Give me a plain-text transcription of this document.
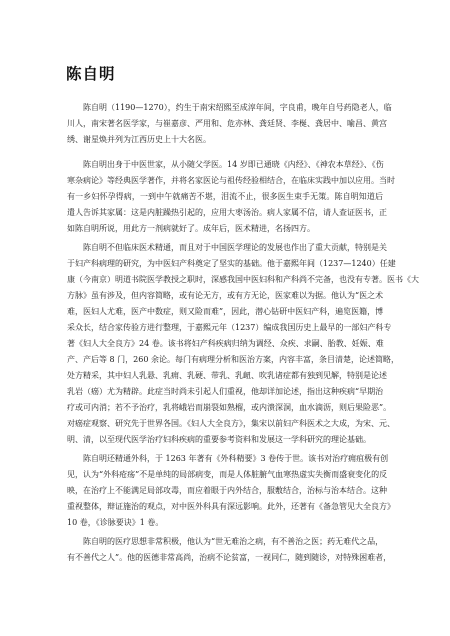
陈自明
　　陈自明（1190—1270），约生于南宋绍熙至成淳年间，字良甫，晚年自号药隐老人，临
川人，南宋著名医学家，与崔嘉彦、严用和、危亦林、龚廷贤、李梴、龚居中、喻昌、黄宫
绣、谢星焕并列为江西历史上十大名医。
　　陈自明出身于中医世家，从小随父学医。14 岁即已通晓《内经》、《神农本草经》、《伤
寒杂病论》等经典医学著作，并将名家医论与祖传经验相结合，在临床实践中加以应用。当时
有一乡妇怀孕得病，一到中午就痛苦不堪，泪流不止，很多医生束手无策。陈自明知道后
遣人告诉其家属：这是内脏躁热引起的，应用大枣汤治。病人家属不信，请人查证医书，正
如陈自明所说，用此方一剂病就好了。成年后，医术精进，名扬四方。
　　陈自明不但临床医术精通，而且对于中国医学理论的发展也作出了重大贡献，特别是关
于妇产科病理的研究，为中医妇产科奠定了坚实的基础。他于嘉熙年间（1237—1240）任建
康（今南京）明道书院医学教授之职时，深感我国中医妇科和产科尚不完备，也没有专著。医书《大
方脉》虽有涉及，但内容简略，或有论无方，或有方无论，医家难以为据。他认为“医之术
难，医妇人尤难，医产中数症，则又险而难”，因此，潜心钻研中医妇产科，遍览医籍，博
采众长，结合家传验方进行整理，于嘉熙元年（1237）编成我国历史上最早的一部妇产科专
著《妇人大全良方》24 卷。该书将妇产科疾病归纳为调经、众疾、求嗣、胎教、妊娠、难
产、产后等 8 门，260 余论。每门有病理分析和医治方案，内容丰富，条目清楚，论述简略，
处方精采，其中妇人乳悬、乳痈、乳硬、带乳、乳衄、吹乳诸症都有独到见解，特别是论述
乳岩（癌）尤为精辟。此症当时尚未引起人们重视，他却详加论述，指出这种疾病“早期治
疗或可内消；若不予治疗，乳将峨岩而崩裂如熟榴，或内溃深洞，血水滴沥，则后果险恶”。
对癌症观察、研究先于世界各国。《妇人大全良方》，集宋以前妇产科医术之大成，为宋、元、
明、清，以至现代医学治疗妇科疾病的重要参考资料和发展这一学科研究的理论基础。
　　陈自明还精通外科，于 1263 年著有《外科精要》3 卷传于世。该书对治疗痈疽极有创
见，认为“外科疮疡”不是单纯的局部病变，而是人体脏腑气血寒热虚实失衡而盛衰变化的反
映，在治疗上不能满足局部攻毒，而应着眼于内外结合，服敷结合，治标与治本结合。这种
重视整体，辩证施治的观点，对中医外科具有深远影响。此外，还著有《备急管见大全良方》
10 卷，《诊脉要诀》1 卷。
　　陈自明的医疗思想非常积极，他认为“世无难治之病，有不善治之医；药无难代之品，
有不善代之人”。他的医德非常高尚，治病不论贫富，一视同仁，随到随诊，对特殊困难者，
